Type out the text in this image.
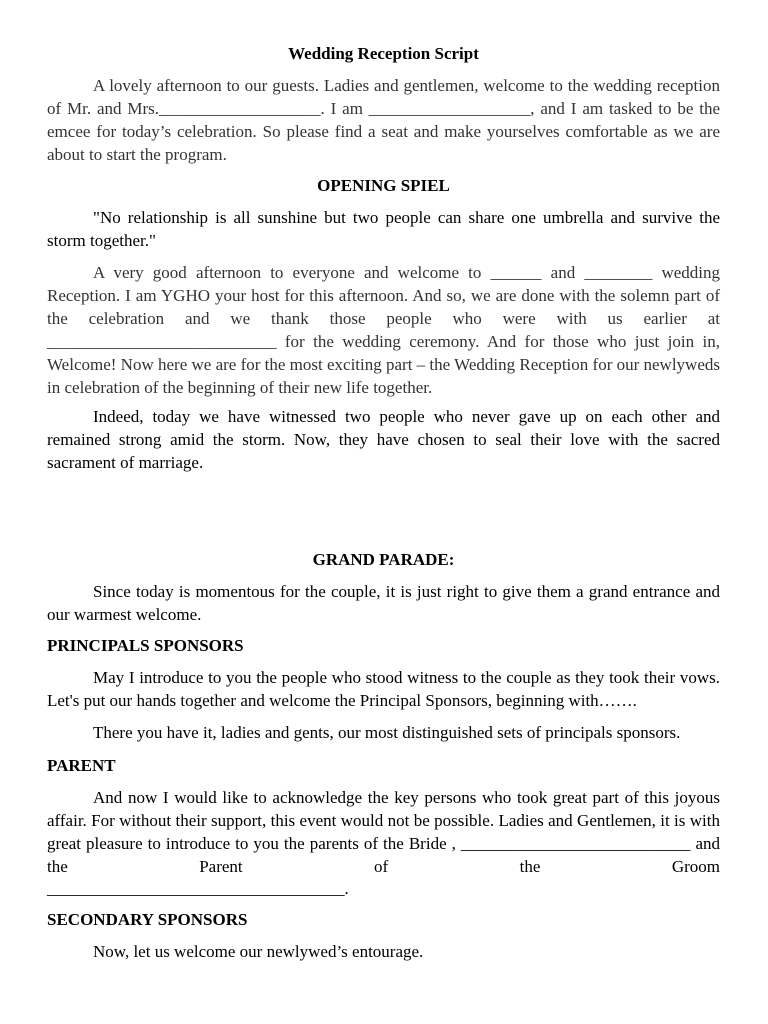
Wedding Reception Script

A lovely afternoon to our guests. Ladies and gentlemen, welcome to the wedding reception of Mr. and Mrs.___________________. I am ___________________, and I am tasked to be the emcee for today’s celebration. So please find a seat and make yourselves comfortable as we are about to start the program.

OPENING SPIEL

"No relationship is all sunshine but two people can share one umbrella and survive the storm together."

A very good afternoon to everyone and welcome to ______ and ________ wedding Reception. I am YGHO your host for this afternoon. And so, we are done with the solemn part of the celebration and we thank those people who were with us earlier at ___________________________ for the wedding ceremony. And for those who just join in, Welcome! Now here we are for the most exciting part – the Wedding Reception for our newlyweds in celebration of the beginning of their new life together.

Indeed, today we have witnessed two people who never gave up on each other and remained strong amid the storm. Now, they have chosen to seal their love with the sacred sacrament of marriage.

GRAND PARADE:

Since today is momentous for the couple, it is just right to give them a grand entrance and our warmest welcome.

PRINCIPALS SPONSORS

May I introduce to you the people who stood witness to the couple as they took their vows. Let's put our hands together and welcome the Principal Sponsors, beginning with…….

There you have it, ladies and gents, our most distinguished sets of principals sponsors.

PARENT

And now I would like to acknowledge the key persons who took great part of this joyous affair. For without their support, this event would not be possible. Ladies and Gentlemen, it is with great pleasure to introduce to you the parents of the Bride , ___________________________ and the Parent of the Groom

___________________________________.
SECONDARY SPONSORS

Now, let us welcome our newlywed’s entourage.
